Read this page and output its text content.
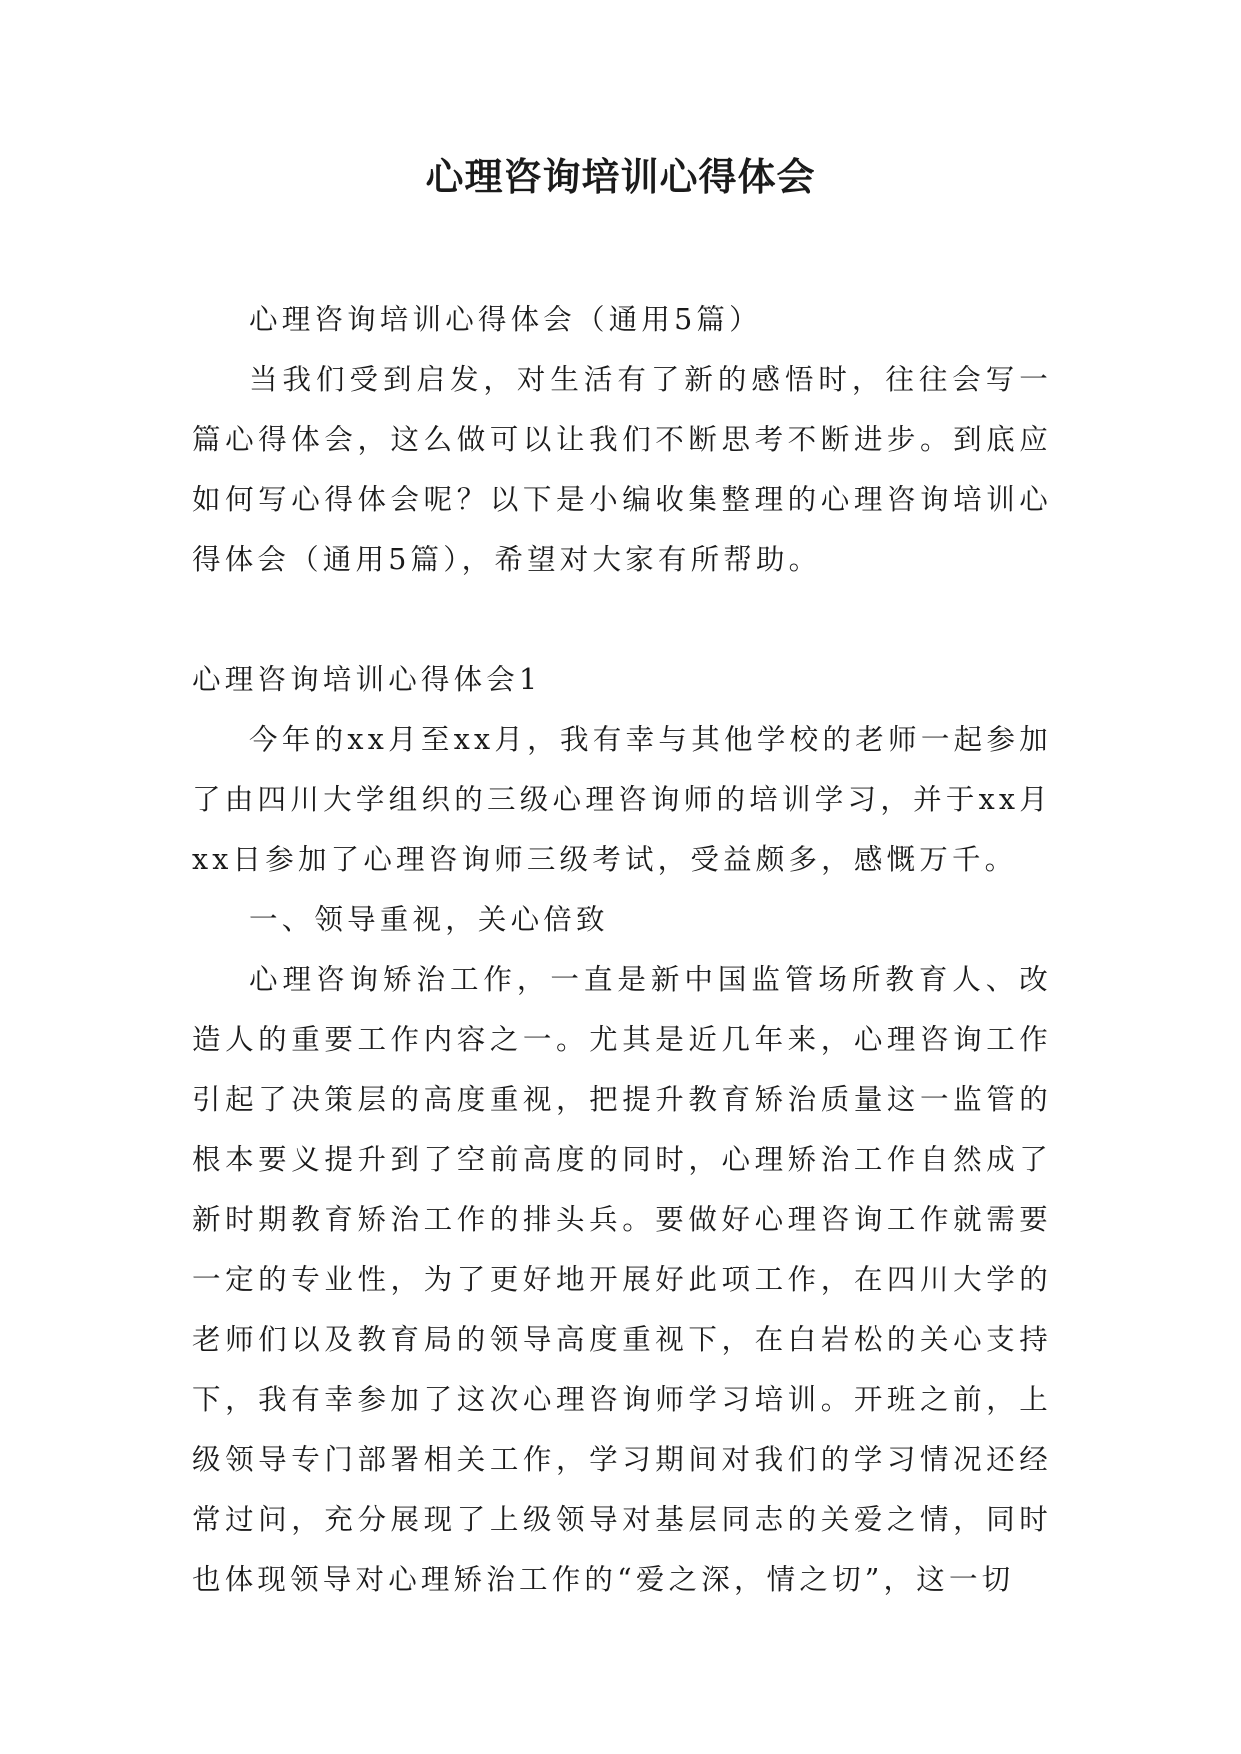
心理咨询培训心得体会

心理咨询培训心得体会（通用5篇）

当我们受到启发，对生活有了新的感悟时，往往会写一篇心得体会，这么做可以让我们不断思考不断进步。到底应如何写心得体会呢？以下是小编收集整理的心理咨询培训心得体会（通用5篇），希望对大家有所帮助。

心理咨询培训心得体会1

今年的xx月至xx月，我有幸与其他学校的老师一起参加了由四川大学组织的三级心理咨询师的培训学习，并于xx月xx日参加了心理咨询师三级考试，受益颇多，感慨万千。

一、领导重视，关心倍致

心理咨询矫治工作，一直是新中国监管场所教育人、改造人的重要工作内容之一。尤其是近几年来，心理咨询工作引起了决策层的高度重视，把提升教育矫治质量这一监管的根本要义提升到了空前高度的同时，心理矫治工作自然成了新时期教育矫治工作的排头兵。要做好心理咨询工作就需要一定的专业性，为了更好地开展好此项工作，在四川大学的老师们以及教育局的领导高度重视下，在白岩松的关心支持下，我有幸参加了这次心理咨询师学习培训。开班之前，上级领导专门部署相关工作，学习期间对我们的学习情况还经常过问，充分展现了上级领导对基层同志的关爱之情，同时也体现领导对心理矫治工作的“爱之深，情之切”，这一切
